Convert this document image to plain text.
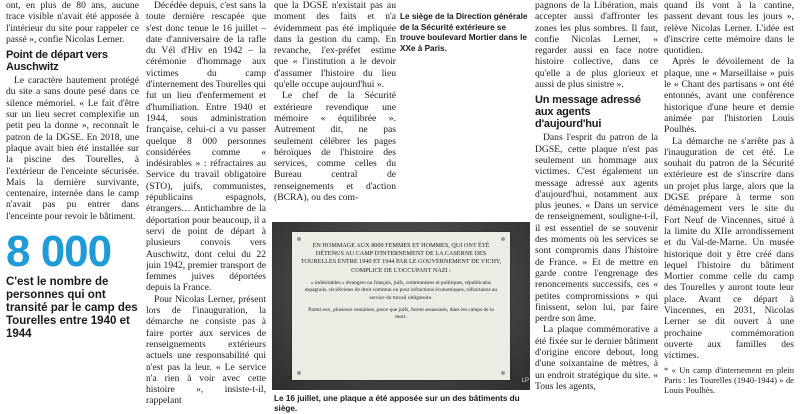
ont, en plus de 80 ans, aucune trace visible n'avait été apposée à l'intérieur du site pour rappeler ce passé », confie Nicolas Lerner.

Point de départ vers Auschwitz

Le caractère hautement protégé du site a sans doute pesé dans ce silence mémoriel. « Le fait d'être sur un lieu secret complexifie un petit peu la donne », reconnaît le patron de la DGSE. En 2018, une plaque avait bien été installée sur la piscine des Tourelles, à l'extérieur de l'enceinte sécurisée. Mais la dernière survivante, centenaire, internée dans le camp n'avait pas pu entrer dans l'enceinte pour revoir le bâtiment.

8 000
C'est le nombre de personnes qui ont transité par le camp des Tourelles entre 1940 et 1944

Décédée depuis, c'est sans la toute dernière rescapée que s'est donc tenue le 16 juillet – date d'anniversaire de la rafle du Vél d'Hiv en 1942 – la cérémonie d'hommage aux victimes du camp d'internement des Tourelles qui fut un lieu d'enfermement et d'humiliation. Entre 1940 et 1944, sous administration française, celui-ci a vu passer quelque 8 000 personnes considérées comme « indésirables » : réfractaires au Service du travail obligatoire (STO), juifs, communistes, républicains espagnols, étrangers… Antichambre de la déportation pour beaucoup, il a servi de point de départ à plusieurs convois vers Auschwitz, dont celui du 22 juin 1942, premier transport de femmes juives déportées depuis la France.

Pour Nicolas Lerner, présent lors de l'inauguration, la démarche ne consiste pas à faire porter aux services de renseignements extérieurs actuels une responsabilité qui n'est pas la leur. « Le service n'a rien à voir avec cette histoire », insiste-t-il, rappelant

que la DGSE n'existait pas au moment des faits et n'a évidemment pas été impliquée dans la gestion du camp. En revanche, l'ex-préfet estime que « l'institution a le devoir d'assumer l'histoire du lieu qu'elle occupe aujourd'hui ».

Le chef de la Sécurité extérieure revendique une mémoire « équilibrée ». Autrement dit, ne pas seulement célébrer les pages héroïques de l'histoire des services, comme celles du Bureau central de renseignements et d'action (BCRA), ou des com-

Le siège de la Direction générale de la Sécurité extérieure se trouve boulevard Mortier dans le XXe à Paris.
EN HOMMAGE AUX 8000 FEMMES ET HOMMES, QUI ONT ÉTÉ DÉTENUS AU CAMP D'INTERNEMENT DE LA CASERNE DES TOURELLES ENTRE 1940 ET 1944 PAR LE GOUVERNEMENT DE VICHY, COMPLICE DE L'OCCUPANT NAZI :
« indésirables » étrangers ou français, juifs, communistes et politiques, républicains espagnols, récidivistes de droit commun ou pour infractions économiques, réfractaires au service du travail obligatoire.
Parmi eux, plusieurs centaines, parce que juifs, furent assassinés, dans les camps de la mort.
LP
Le 16 juillet, une plaque a été apposée sur un des bâtiments du siège.

pagnons de la Libération, mais accepter aussi d'affronter les zones les plus sombres. Il faut, confie Nicolas Lerner, « regarder aussi en face notre histoire collective, dans ce qu'elle a de plus glorieux et aussi de plus sinistre ».

Un message adressé aux agents d'aujourd'hui

Dans l'esprit du patron de la DGSE, cette plaque n'est pas seulement un hommage aux victimes. C'est également un message adressé aux agents d'aujourd'hui, notamment aux plus jeunes. « Dans un service de renseignement, souligne-t-il, il est essentiel de se souvenir des moments où les services se sont compromis dans l'histoire de France. » Et de mettre en garde contre l'engrenage des renoncements successifs, ces « petites compromissions » qui finissent, selon lui, par faire perdre son âme.

La plaque commémorative a été fixée sur le dernier bâtiment d'origine encore debout, long d'une soixantaine de mètres, à un endroit stratégique du site. « Tous les agents,

quand ils vont à la cantine, passent devant tous les jours », relève Nicolas Lerner. L'idée est d'inscrire cette mémoire dans le quotidien.

Après le dévoilement de la plaque, une « Marseillaise » puis le « Chant des partisans » ont été entonnés, avant une conférence historique d'une heure et demie animée par l'historien Louis Poulhès.

La démarche ne s'arrête pas à l'inauguration de cet été. Le souhait du patron de la Sécurité extérieure est de s'inscrire dans un projet plus large, alors que la DGSE prépare à terme son déménagement vers le site du Fort Neuf de Vincennes, situé à la limite du XIIe arrondissement et du Val-de-Marne. Un musée historique doit y être créé dans lequel l'histoire du bâtiment Mortier comme celle du camp des Tourelles y auront toute leur place. Avant ce départ à Vincennes, en 2031, Nicolas Lerner se dit ouvert à une prochaine commémoration ouverte aux familles des victimes.

* « Un camp d'internement en plein Paris : les Tourelles (1940-1944) » de Louis Poulhès.
